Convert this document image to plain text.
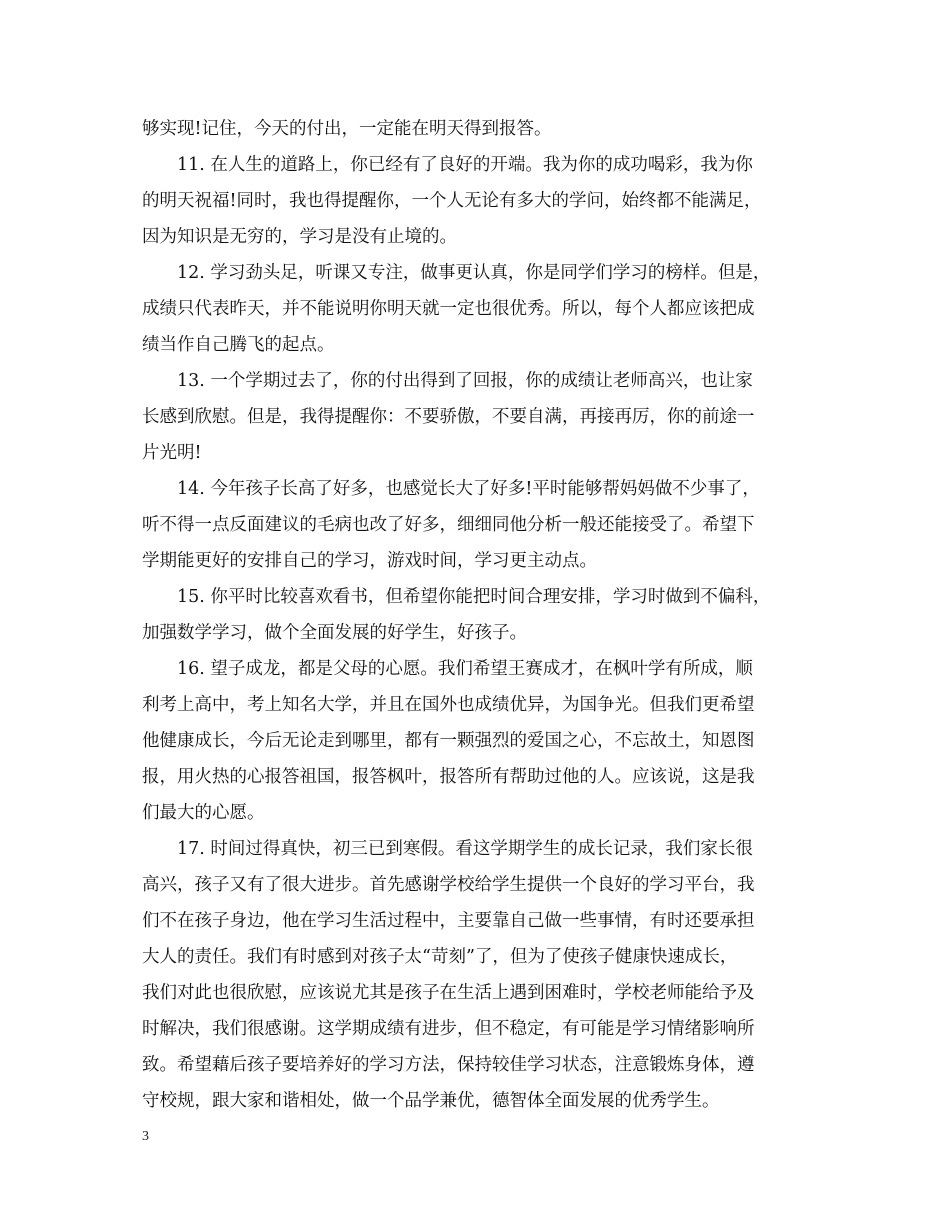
够实现!记住，今天的付出，一定能在明天得到报答。
11. 在人生的道路上，你已经有了良好的开端。我为你的成功喝彩，我为你
的明天祝福!同时，我也得提醒你，一个人无论有多大的学问，始终都不能满足，
因为知识是无穷的，学习是没有止境的。
12. 学习劲头足，听课又专注，做事更认真，你是同学们学习的榜样。但是，
成绩只代表昨天，并不能说明你明天就一定也很优秀。所以，每个人都应该把成
绩当作自己腾飞的起点。
13. 一个学期过去了，你的付出得到了回报，你的成绩让老师高兴，也让家
长感到欣慰。但是，我得提醒你：不要骄傲，不要自满，再接再厉，你的前途一
片光明!
14. 今年孩子长高了好多，也感觉长大了好多!平时能够帮妈妈做不少事了，
听不得一点反面建议的毛病也改了好多，细细同他分析一般还能接受了。希望下
学期能更好的安排自己的学习，游戏时间，学习更主动点。
15. 你平时比较喜欢看书，但希望你能把时间合理安排，学习时做到不偏科，
加强数学学习，做个全面发展的好学生，好孩子。
16. 望子成龙，都是父母的心愿。我们希望王赛成才，在枫叶学有所成，顺
利考上高中，考上知名大学，并且在国外也成绩优异，为国争光。但我们更希望
他健康成长，今后无论走到哪里，都有一颗强烈的爱国之心，不忘故土，知恩图
报，用火热的心报答祖国，报答枫叶，报答所有帮助过他的人。应该说，这是我
们最大的心愿。
17. 时间过得真快，初三已到寒假。看这学期学生的成长记录，我们家长很
高兴，孩子又有了很大进步。首先感谢学校给学生提供一个良好的学习平台，我
们不在孩子身边，他在学习生活过程中，主要靠自己做一些事情，有时还要承担
大人的责任。我们有时感到对孩子太“苛刻”了，但为了使孩子健康快速成长，
我们对此也很欣慰，应该说尤其是孩子在生活上遇到困难时，学校老师能给予及
时解决，我们很感谢。这学期成绩有进步，但不稳定，有可能是学习情绪影响所
致。希望藉后孩子要培养好的学习方法，保持较佳学习状态，注意锻炼身体，遵
守校规，跟大家和谐相处，做一个品学兼优，德智体全面发展的优秀学生。
3
